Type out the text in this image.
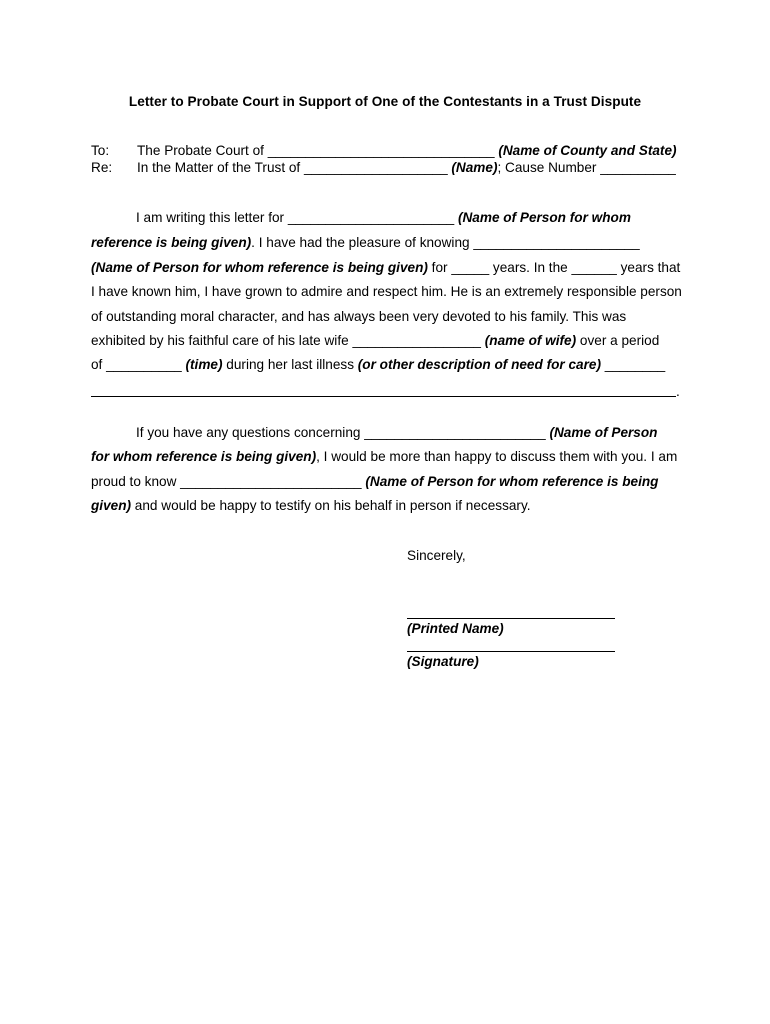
Letter to Probate Court in Support of One of the Contestants in a Trust Dispute
To: The Probate Court of ______________________________ (Name of County and State)
Re: In the Matter of the Trust of ___________________ (Name); Cause Number __________
I am writing this letter for ______________________ (Name of Person for whom
reference is being given). I have had the pleasure of knowing ______________________
(Name of Person for whom reference is being given) for _____ years. In the ______ years that
I have known him, I have grown to admire and respect him. He is an extremely responsible person
of outstanding moral character, and has always been very devoted to his family. This was
exhibited by his faithful care of his late wife _________________ (name of wife) over a period
of __________ (time) during her last illness (or other description of need for care) ________
.
If you have any questions concerning ________________________ (Name of Person
for whom reference is being given), I would be more than happy to discuss them with you. I am
proud to know ________________________ (Name of Person for whom reference is being
given) and would be happy to testify on his behalf in person if necessary.
Sincerely,
(Printed Name)
(Signature)
